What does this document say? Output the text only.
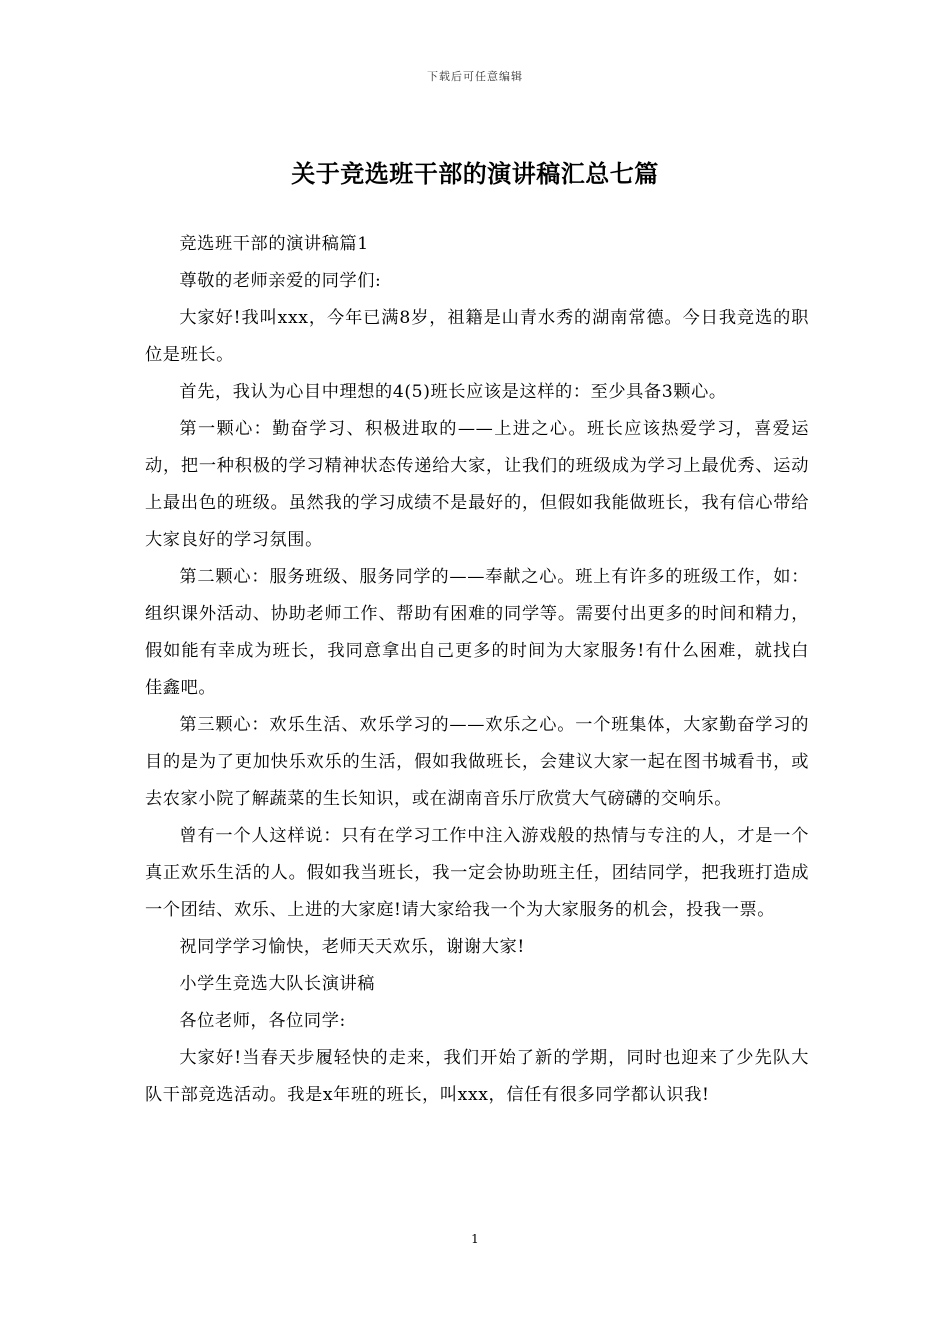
下载后可任意编辑
关于竞选班干部的演讲稿汇总七篇

竞选班干部的演讲稿篇1

尊敬的老师亲爱的同学们:

大家好!我叫xxx，今年已满8岁，祖籍是山青水秀的湖南常德。今日我竞选的职位是班长。

首先，我认为心目中理想的4(5)班长应该是这样的：至少具备3颗心。

第一颗心：勤奋学习、积极进取的——上进之心。班长应该热爱学习，喜爱运动，把一种积极的学习精神状态传递给大家，让我们的班级成为学习上最优秀、运动上最出色的班级。虽然我的学习成绩不是最好的，但假如我能做班长，我有信心带给大家良好的学习氛围。

第二颗心：服务班级、服务同学的——奉献之心。班上有许多的班级工作，如：组织课外活动、协助老师工作、帮助有困难的同学等。需要付出更多的时间和精力，假如能有幸成为班长，我同意拿出自己更多的时间为大家服务!有什么困难，就找白佳鑫吧。

第三颗心：欢乐生活、欢乐学习的——欢乐之心。一个班集体，大家勤奋学习的目的是为了更加快乐欢乐的生活，假如我做班长，会建议大家一起在图书城看书，或去农家小院了解蔬菜的生长知识，或在湖南音乐厅欣赏大气磅礴的交响乐。

曾有一个人这样说：只有在学习工作中注入游戏般的热情与专注的人，才是一个真正欢乐生活的人。假如我当班长，我一定会协助班主任，团结同学，把我班打造成一个团结、欢乐、上进的大家庭!请大家给我一个为大家服务的机会，投我一票。

祝同学学习愉快，老师天天欢乐，谢谢大家!

小学生竞选大队长演讲稿

各位老师，各位同学:

大家好!当春天步履轻快的走来，我们开始了新的学期，同时也迎来了少先队大队干部竞选活动。我是x年班的班长，叫xxx，信任有很多同学都认识我!

1
